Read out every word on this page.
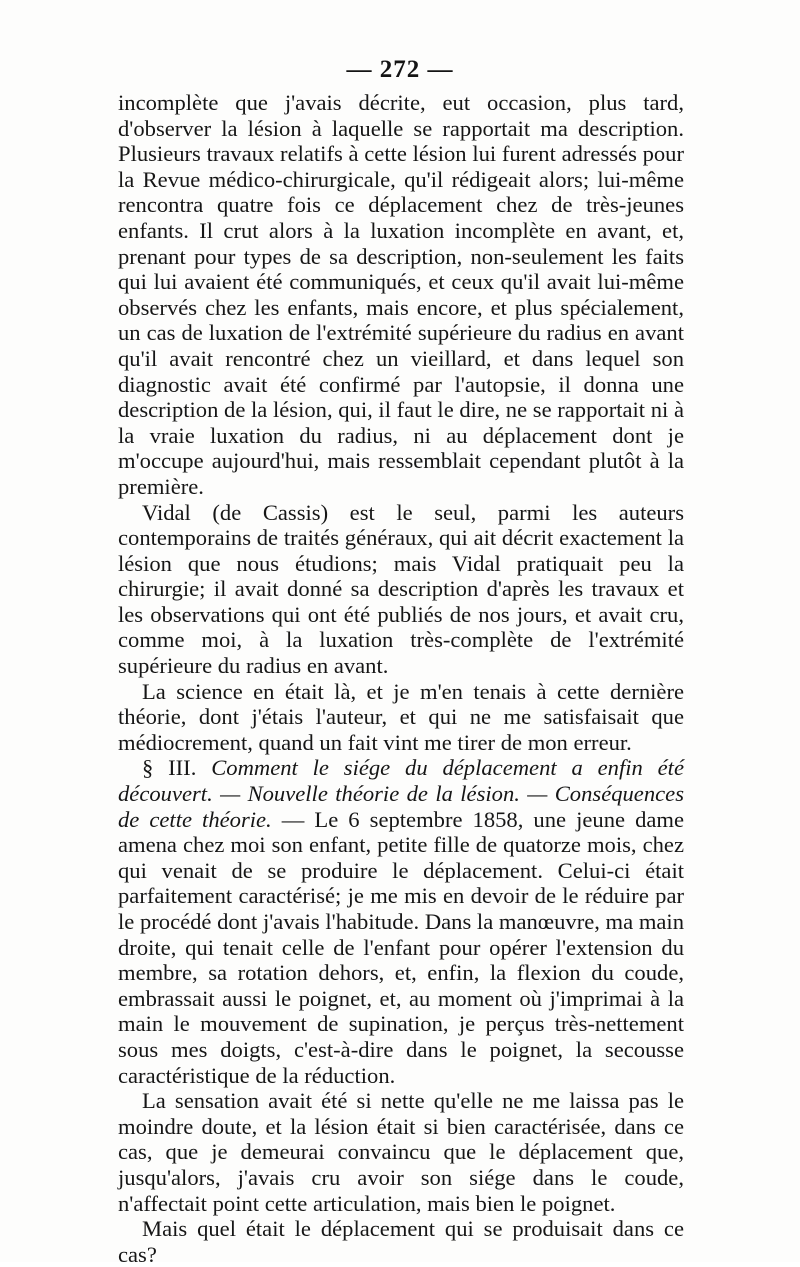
— 272 —

incomplète que j'avais décrite, eut occasion, plus tard, d'observer la lésion à laquelle se rapportait ma description. Plusieurs travaux relatifs à cette lésion lui furent adressés pour la Revue médico-chirurgicale, qu'il rédigeait alors; lui-même rencontra quatre fois ce déplacement chez de très-jeunes enfants. Il crut alors à la luxation incomplète en avant, et, prenant pour types de sa description, non-seulement les faits qui lui avaient été communiqués, et ceux qu'il avait lui-même observés chez les enfants, mais encore, et plus spécialement, un cas de luxation de l'extrémité supérieure du radius en avant qu'il avait rencontré chez un vieillard, et dans lequel son diagnostic avait été confirmé par l'autopsie, il donna une description de la lésion, qui, il faut le dire, ne se rapportait ni à la vraie luxation du radius, ni au déplacement dont je m'occupe aujourd'hui, mais ressemblait cependant plutôt à la première.

Vidal (de Cassis) est le seul, parmi les auteurs contemporains de traités généraux, qui ait décrit exactement la lésion que nous étudions; mais Vidal pratiquait peu la chirurgie; il avait donné sa description d'après les travaux et les observations qui ont été publiés de nos jours, et avait cru, comme moi, à la luxation très-complète de l'extrémité supérieure du radius en avant.

La science en était là, et je m'en tenais à cette dernière théorie, dont j'étais l'auteur, et qui ne me satisfaisait que médiocrement, quand un fait vint me tirer de mon erreur.

§ III. Comment le siége du déplacement a enfin été découvert. — Nouvelle théorie de la lésion. — Conséquences de cette théorie. — Le 6 septembre 1858, une jeune dame amena chez moi son enfant, petite fille de quatorze mois, chez qui venait de se produire le déplacement. Celui-ci était parfaitement caractérisé; je me mis en devoir de le réduire par le procédé dont j'avais l'habitude. Dans la manœuvre, ma main droite, qui tenait celle de l'enfant pour opérer l'extension du membre, sa rotation dehors, et, enfin, la flexion du coude, embrassait aussi le poignet, et, au moment où j'imprimai à la main le mouvement de supination, je perçus très-nettement sous mes doigts, c'est-à-dire dans le poignet, la secousse caractéristique de la réduction.

La sensation avait été si nette qu'elle ne me laissa pas le moindre doute, et la lésion était si bien caractérisée, dans ce cas, que je demeurai convaincu que le déplacement que, jusqu'alors, j'avais cru avoir son siége dans le coude, n'affectait point cette articulation, mais bien le poignet.

Mais quel était le déplacement qui se produisait dans ce cas?
